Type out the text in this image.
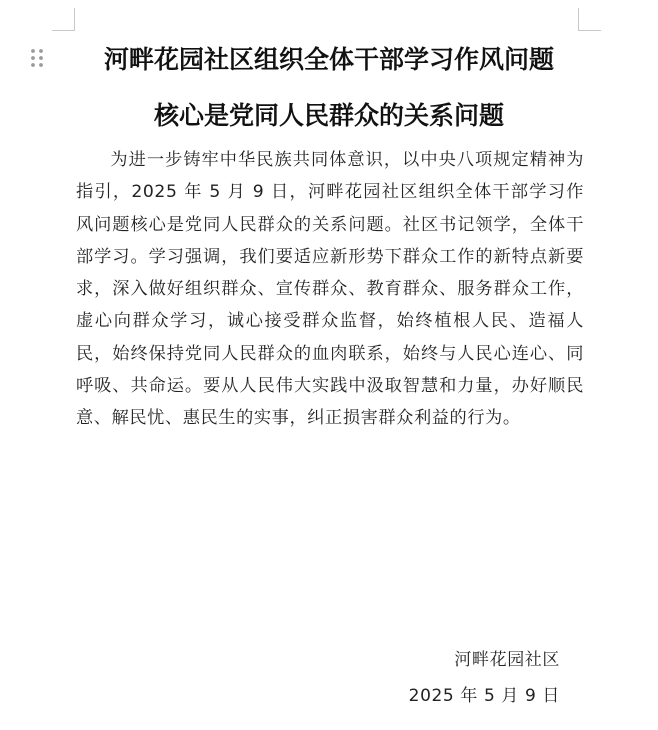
河畔花园社区组织全体干部学习作风问题
核心是党同人民群众的关系问题

为进一步铸牢中华民族共同体意识，以中央八项规定精神为指引，2025 年 5 月 9 日，河畔花园社区组织全体干部学习作风问题核心是党同人民群众的关系问题。社区书记领学，全体干部学习。学习强调，我们要适应新形势下群众工作的新特点新要求，深入做好组织群众、宣传群众、教育群众、服务群众工作，虚心向群众学习，诚心接受群众监督，始终植根人民、造福人民，始终保持党同人民群众的血肉联系，始终与人民心连心、同呼吸、共命运。要从人民伟大实践中汲取智慧和力量，办好顺民意、解民忧、惠民生的实事，纠正损害群众利益的行为。

河畔花园社区
2025 年 5 月 9 日
